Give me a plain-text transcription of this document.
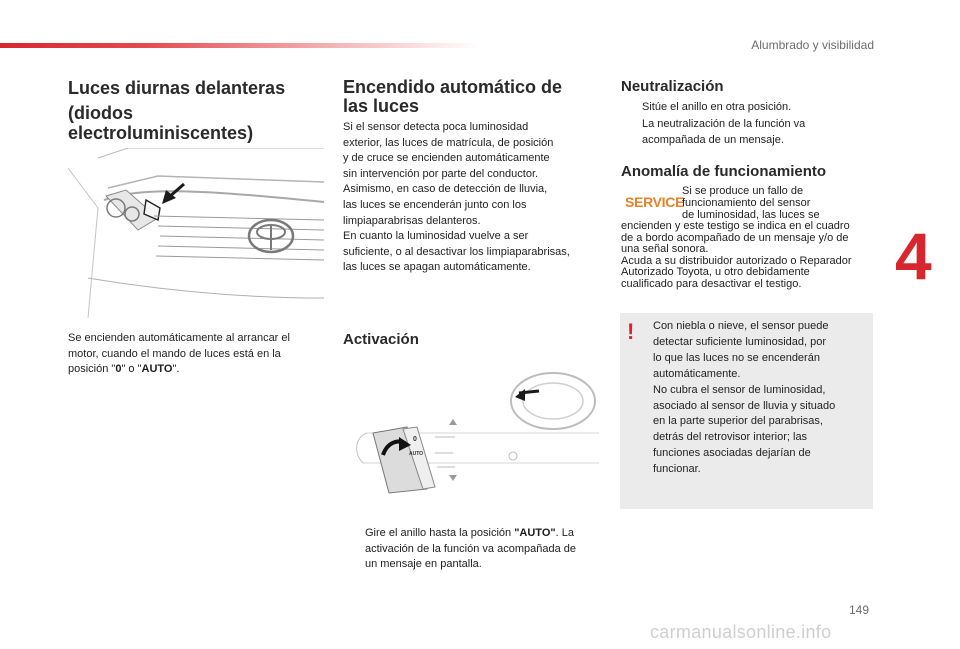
Alumbrado y visibilidad
Luces diurnas delanteras
(diodos
electroluminiscentes)

Se encienden automáticamente al arrancar el

motor, cuando el mando de luces está en la

posición "0" o "AUTO".

Encendido automático de
las luces

Si el sensor detecta poca luminosidad

exterior, las luces de matrícula, de posición

y de cruce se encienden automáticamente

sin intervención por parte del conductor.

Asimismo, en caso de detección de lluvia,

las luces se encenderán junto con los

limpiaparabrisas delanteros.

En cuanto la luminosidad vuelve a ser

suficiente, o al desactivar los limpiaparabrisas,

las luces se apagan automáticamente.

Activación
0
AUTO
Gire el anillo hasta la posición "AUTO". La
activación de la función va acompañada de
un mensaje en pantalla.
Neutralización
Sitúe el anillo en otra posición.
La neutralización de la función va
acompañada de un mensaje.
Anomalía de funcionamiento
SERVICE

Si se produce un fallo de

funcionamiento del sensor

de luminosidad, las luces se

encienden y este testigo se indica en el cuadro

de a bordo acompañado de un mensaje y/o de

una señal sonora.

Acuda a su distribuidor autorizado o Reparador

Autorizado Toyota, u otro debidamente

cualificado para desactivar el testigo.

! Con niebla o nieve, el sensor puede

detectar suficiente luminosidad, por

lo que las luces no se encenderán

automáticamente.

No cubra el sensor de luminosidad,

asociado al sensor de lluvia y situado

en la parte superior del parabrisas,

detrás del retrovisor interior; las

funciones asociadas dejarían de

funcionar.

4
149
carmanualsonline.info
